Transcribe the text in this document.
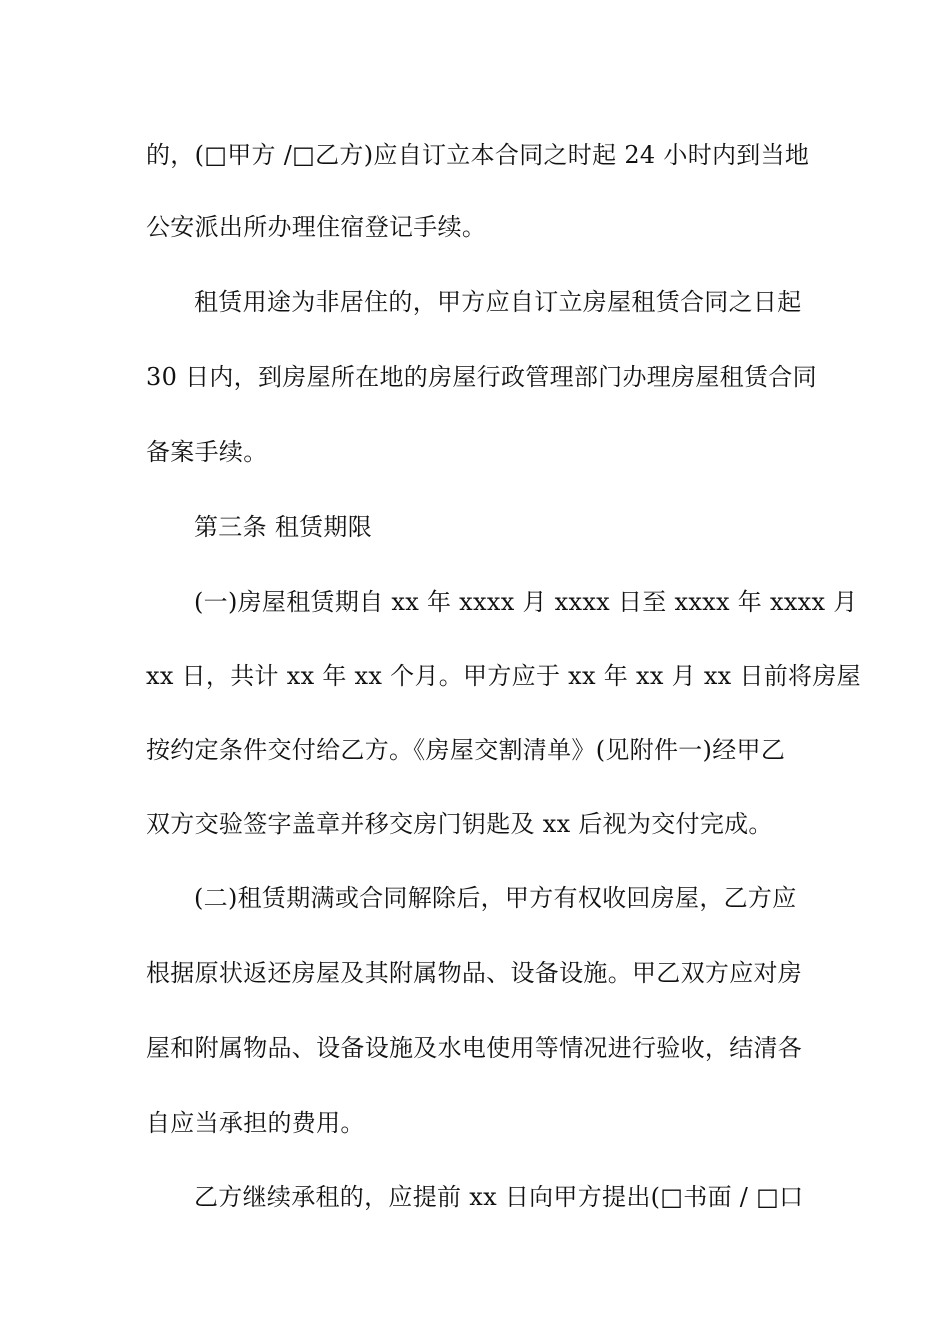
的，(□甲方 /□乙方)应自订立本合同之时起 24 小时内到当地
公安派出所办理住宿登记手续。
租赁用途为非居住的，甲方应自订立房屋租赁合同之日起
30 日内，到房屋所在地的房屋行政管理部门办理房屋租赁合同
备案手续。
第三条 租赁期限
(一)房屋租赁期自 xx 年 xxxx 月 xxxx 日至 xxxx 年 xxxx 月
xx 日，共计 xx 年 xx 个月。甲方应于 xx 年 xx 月 xx 日前将房屋
按约定条件交付给乙方。《房屋交割清单》(见附件一)经甲乙
双方交验签字盖章并移交房门钥匙及 xx 后视为交付完成。
(二)租赁期满或合同解除后，甲方有权收回房屋，乙方应
根据原状返还房屋及其附属物品、设备设施。甲乙双方应对房
屋和附属物品、设备设施及水电使用等情况进行验收，结清各
自应当承担的费用。
乙方继续承租的，应提前 xx 日向甲方提出(□书面 / □口
